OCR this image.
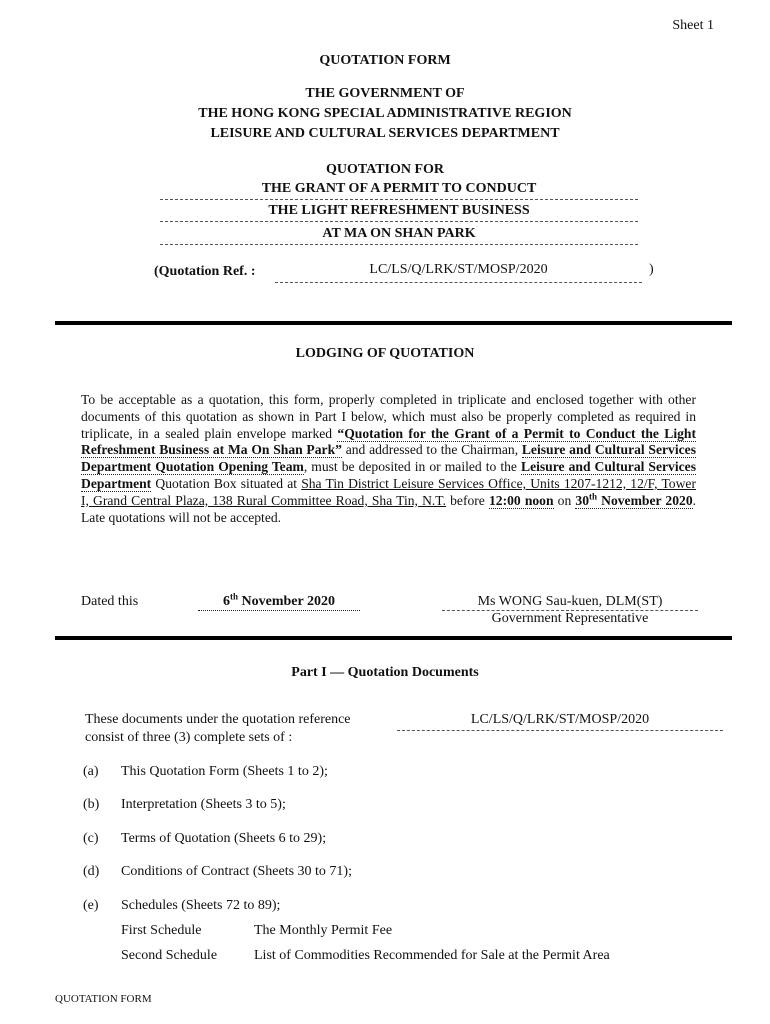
Sheet 1
QUOTATION FORM
THE GOVERNMENT OF
THE HONG KONG SPECIAL ADMINISTRATIVE REGION
LEISURE AND CULTURAL SERVICES DEPARTMENT
QUOTATION FOR
THE GRANT OF A PERMIT TO CONDUCT
THE LIGHT REFRESHMENT BUSINESS
AT MA ON SHAN PARK
(Quotation Ref. :	LC/LS/Q/LRK/ST/MOSP/2020	)
LODGING OF QUOTATION
To be acceptable as a quotation, this form, properly completed in triplicate and enclosed together with other documents of this quotation as shown in Part I below, which must also be properly completed as required in triplicate, in a sealed plain envelope marked “Quotation for the Grant of a Permit to Conduct the Light Refreshment Business at Ma On Shan Park” and addressed to the Chairman, Leisure and Cultural Services Department Quotation Opening Team, must be deposited in or mailed to the Leisure and Cultural Services Department Quotation Box situated at Sha Tin District Leisure Services Office, Units 1207-1212, 12/F, Tower I, Grand Central Plaza, 138 Rural Committee Road, Sha Tin, N.T. before 12:00 noon on 30th November 2020. Late quotations will not be accepted.
Dated this	6th November 2020	Ms WONG Sau-kuen, DLM(ST)
Government Representative
Part I — Quotation Documents
These documents under the quotation reference
consist of three (3) complete sets of :
LC/LS/Q/LRK/ST/MOSP/2020
(a) This Quotation Form (Sheets 1 to 2);
(b) Interpretation (Sheets 3 to 5);
(c) Terms of Quotation (Sheets 6 to 29);
(d) Conditions of Contract (Sheets 30 to 71);
(e) Schedules (Sheets 72 to 89);
First Schedule	The Monthly Permit Fee
Second Schedule	List of Commodities Recommended for Sale at the Permit Area
QUOTATION FORM
